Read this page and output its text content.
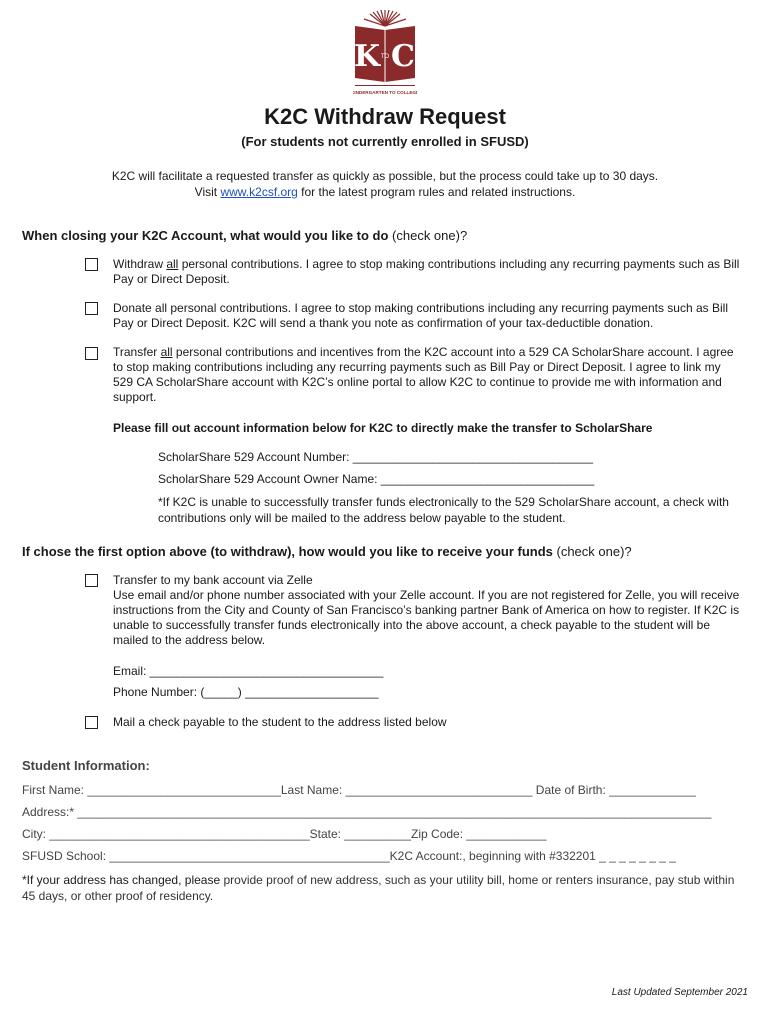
K C
TO
KINDERGARTEN TO COLLEGE
K2C Withdraw Request
(For students not currently enrolled in SFUSD)
K2C will facilitate a requested transfer as quickly as possible, but the process could take up to 30 days.
Visit www.k2csf.org for the latest program rules and related instructions.
When closing your K2C Account, what would you like to do (check one)?
Withdraw all personal contributions. I agree to stop making contributions including any recurring payments such as Bill Pay or Direct Deposit.
Donate all personal contributions. I agree to stop making contributions including any recurring payments such as Bill Pay or Direct Deposit. K2C will send a thank you note as confirmation of your tax-deductible donation.
Transfer all personal contributions and incentives from the K2C account into a 529 CA ScholarShare account. I agree to stop making contributions including any recurring payments such as Bill Pay or Direct Deposit. I agree to link my 529 CA ScholarShare account with K2C’s online portal to allow K2C to continue to provide me with information and support.
Please fill out account information below for K2C to directly make the transfer to ScholarShare
ScholarShare 529 Account Number: ____________________________________
ScholarShare 529 Account Owner Name: ________________________________
*If K2C is unable to successfully transfer funds electronically to the 529 ScholarShare account, a check with contributions only will be mailed to the address below payable to the student.
If chose the first option above (to withdraw), how would you like to receive your funds (check one)?
Transfer to my bank account via Zelle
Use email and/or phone number associated with your Zelle account. If you are not registered for Zelle, you will receive instructions from the City and County of San Francisco’s banking partner Bank of America on how to register. If K2C is unable to successfully transfer funds electronically into the above account, a check payable to the student will be mailed to the address below.
Email: ___________________________________
Phone Number: (_____) ____________________
Mail a check payable to the student to the address listed below
Student Information:
First Name: _____________________________Last Name: ____________________________ Date of Birth: _____________
Address:* _______________________________________________________________________________________________
City: _______________________________________State: __________Zip Code: ____________
SFUSD School: __________________________________________K2C Account:, beginning with #332201 _ _ _ _ _ _ _ _
*If your address has changed, please provide proof of new address, such as your utility bill, home or renters insurance, pay stub within 45 days, or other proof of residency.
Last Updated September 2021
